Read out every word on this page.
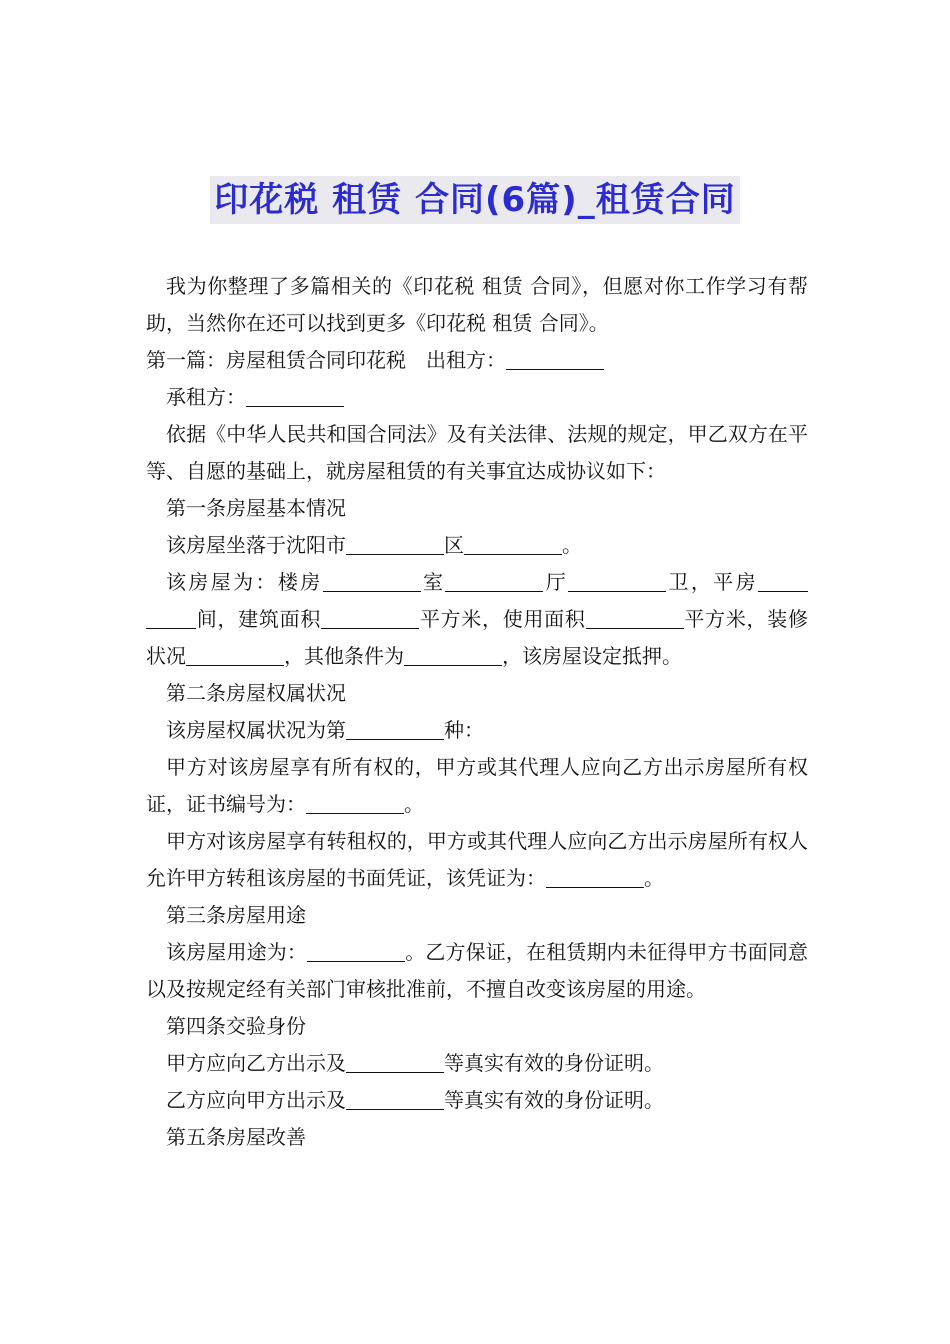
印花税 租赁 合同(6篇)_租赁合同

我为你整理了多篇相关的《印花税 租赁 合同》，但愿对你工作学习有帮助，当然你在还可以找到更多《印花税 租赁 合同》。

第一篇：房屋租赁合同印花税　出租方：

承租方：

依据《中华人民共和国合同法》及有关法律、法规的规定，甲乙双方在平等、自愿的基础上，就房屋租赁的有关事宜达成协议如下：

第一条房屋基本情况

该房屋坐落于沈阳市	区	。

该房屋为：楼房	室	厅	卫，平房间，建筑面积	平方米，使用面积	平方米，装修状况	，其他条件为	，该房屋设定抵押。

第二条房屋权属状况

该房屋权属状况为第	种：

甲方对该房屋享有所有权的，甲方或其代理人应向乙方出示房屋所有权证，证书编号为：	。

甲方对该房屋享有转租权的，甲方或其代理人应向乙方出示房屋所有权人允许甲方转租该房屋的书面凭证，该凭证为：	。

第三条房屋用途

该房屋用途为：	。乙方保证，在租赁期内未征得甲方书面同意以及按规定经有关部门审核批准前，不擅自改变该房屋的用途。

第四条交验身份

甲方应向乙方出示及	等真实有效的身份证明。

乙方应向甲方出示及	等真实有效的身份证明。

第五条房屋改善
